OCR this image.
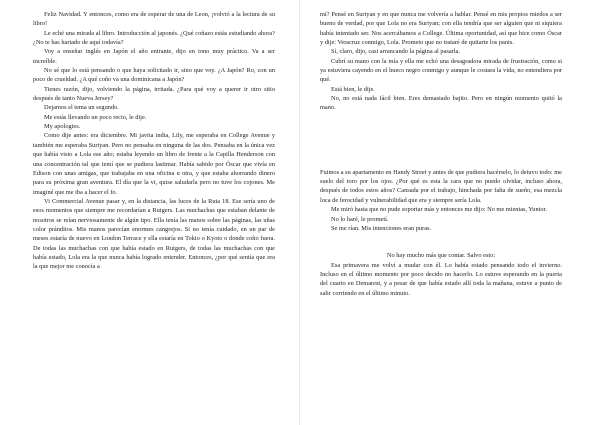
Feliz Navidad. Y entonces, como era de esperar de una de Leon, ¡volvió a la lectura de su libro!

Le eché una mirada al libro. Introducción al japonés. ¿Qué coñazo estás estudiando ahora? ¿No te has hartado de aquí todavía?

Voy a enseñar inglés en Japón el año entrante, dijo en tono muy práctico. Va a ser increíble.

No sé que lo está pensando o que haya solicitado ir, sino que voy. ¿A Japón? Ro, con un poco de crueldad. ¿A qué coño va una dominicana a Japón?

Tienes razón, dijo, volviendo la página, irritada. ¿Para qué voy a querer ir otro sitio después de tanto Nueva Jersey?

Dejamos el tema un segundo.

Me estás llevando un poco recio, le dije.

My apologies.

Como dije antes: era diciembre. Mi javita india, Lily, me esperaba en College Avenue y también me esperaba Suriyan. Pero no pensaba en ninguna de las dos. Pensaba en la única vez que había visto a Lola ese año; estaba leyendo un libro de frente a la Capilla Henderson con una concentración tal que temí que se pudiera lastimar. Había sabido por Óscar que vivía en Edison con unas amigas, que trabajaba en una oficina u otra, y que estaba ahorrando dinero para su próxima gran aventura. El día que la vi, quise saludarla pero no tuve los cojones. Me imaginé que me iba a hacer el fo.

Vi Commercial Avenue pasar y, en la distancia, las luces de la Ruta 18. Ese sería uno de esos momentos que siempre me recordarían a Rutgers. Las muchachas que estaban delante de nosotros se reían nerviosamente de algún tipo. Ella tenía las manos sobre las páginas, las uñas color pránditos. Mis manos parecían enormes cangrejos. Si no tenía cuidado, en un par de meses estaría de nuevo en London Terrace y ella estaría en Tokio o Kyoto o donde coño fuera. De todas las muchachas con que había estado en Rutgers, de todas las muchachas con que había estado, Lola era la que nunca había logrado entender. Entonces, ¿por qué sentía que era la que mejor me conocía a

mí? Pensé en Suriyan y en que nunca me volvería a hablar. Pensé en mis propios miedos a ser bueno de verdad, por que Lola no era Suriyan; con ella tendría que ser alguien que ni siquiera había intentado ser. Nos acercábamos a College. Última oportunidad, así que hice como Óscar y dije: Veracruz conmigo, Lola. Prometo que no trataré de quitarte los panis.

Sí, claro, dijo, casi arrancando la página al pasarla.

Cubrí su mano con la mía y ella me echó una desagradora mirada de frustración, como si ya estuviera cayendo en el hueco negro conmigo y aunque le costara la vida, no entendiera por qué.

Está bien, le dije.

No, no está nada fácil bien. Eres demasiado bajito. Pero en ningún momento quitó la mano.

Fuimos a su apartamento en Handy Street y antes de que pudiera hacérselo, lo detuvo todo: me suelo del toro por los ojos. ¿Por qué es esta la cara que no puedo olvidar, incluso ahora, después de todos estos años? Cansada por el trabajo, hinchada por falta de sueño, esa mezcla loca de ferocidad y vulnerabilidad que era y siempre sería Lola.

Me miró hasta que no pude soportar más y entonces me dijo: No me mientas, Yunior.

No lo haré, le prometí.

Se me rían. Mis intenciones eran puras.

No hay mucho más que contar. Salvo esto:

Esa primavera me volví a mudar con él. Lo había estado pensando todo el invierno. Incluso en el último momento por poco decido no hacerlo. Lo estuve esperando en la puerta del cuarto en Demarest, y a pesar de que había estado allí toda la mañana, estuve a punto de salir corriendo en el último minuto.
